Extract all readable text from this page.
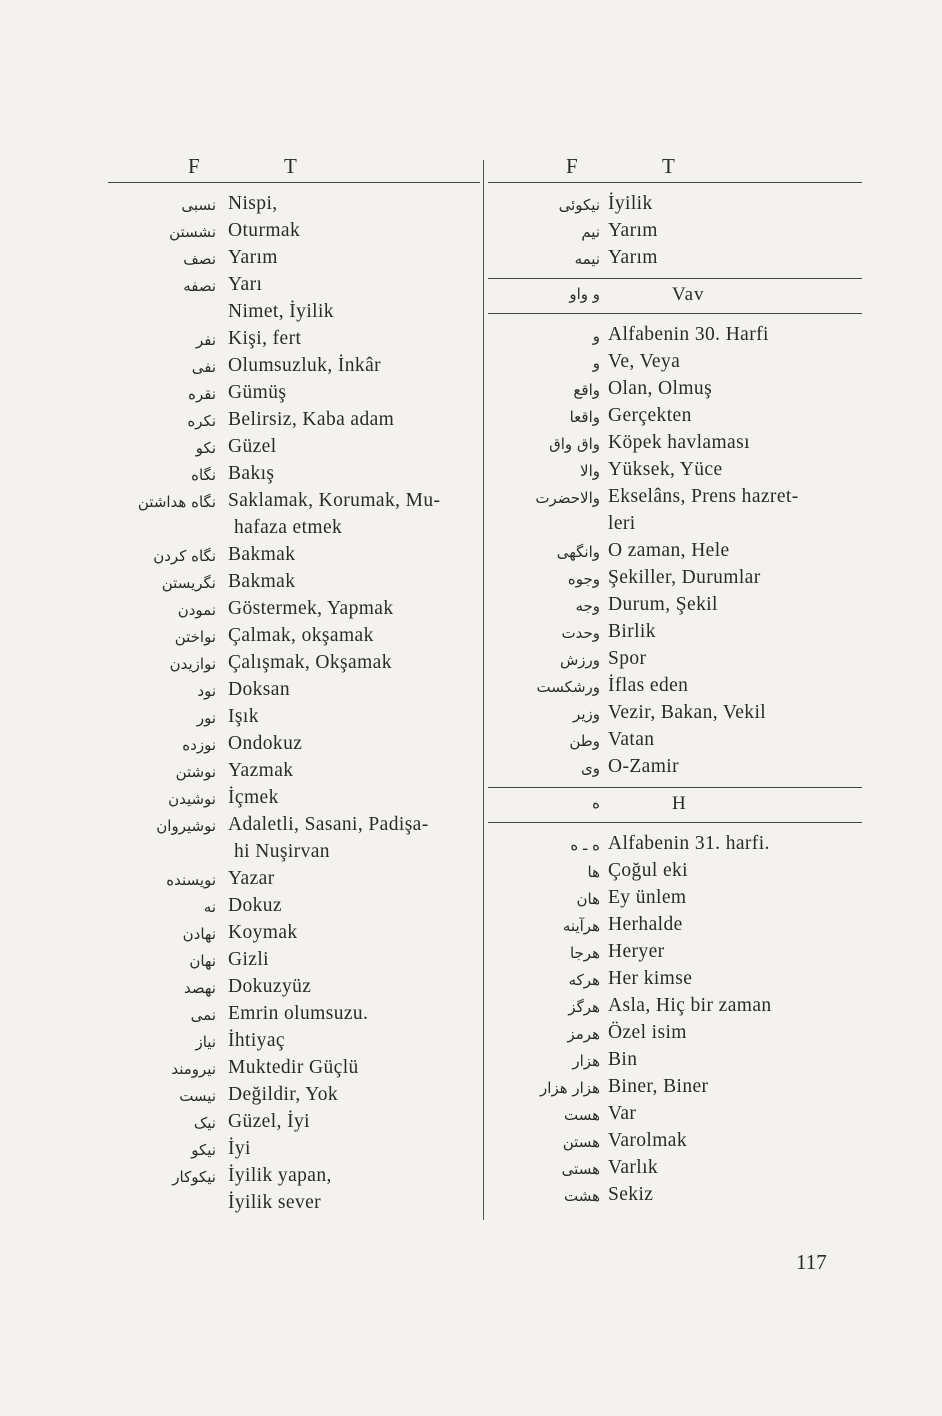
F	T
نسبی Nispi,
نشستن Oturmak
نصف Yarım
نصفه Yarı
Nimet, İyilik
نفر Kişi, fert
نفی Olumsuzluk, İnkâr
نقره Gümüş
نکره Belirsiz, Kaba adam
نکو Güzel
نگاه Bakış
نگاه هداشتن Saklamak, Korumak, Mu-
hafaza etmek
نگاه کردن Bakmak
نگریستن Bakmak
نمودن Göstermek, Yapmak
نواختن Çalmak, okşamak
نوازیدن Çalışmak, Okşamak
نود Doksan
نور Işık
نوزده Ondokuz
نوشتن Yazmak
نوشیدن İçmek
نوشیروان Adaletli, Sasani, Padişa-
hi Nuşirvan
نویسنده Yazar
نه Dokuz
نهادن Koymak
نهان Gizli
نهصد Dokuzyüz
نمی Emrin olumsuzu.
نیاز İhtiyaç
نیرومند Muktedir Güçlü
نیست Değildir, Yok
نیک Güzel, İyi
نیکو İyi
نیکوکار İyilik yapan,
İyilik sever
F	T
نیکوئی İyilik
نیم Yarım
نیمه Yarım
و واو	Vav
و Alfabenin 30. Harfi
و Ve, Veya
واقع Olan, Olmuş
واقعا Gerçekten
واق واق Köpek havlaması
والا Yüksek, Yüce
والاحضرت Ekselâns, Prens hazret-
leri
وانگهی O zaman, Hele
وجوه Şekiller, Durumlar
وجه Durum, Şekil
وحدت Birlik
ورزش Spor
ورشکست İflas eden
وزیر Vezir, Bakan, Vekil
وطن Vatan
وی O-Zamir
ه	H
ه ـ ه Alfabenin 31. harfi.
ها Çoğul eki
هان Ey ünlem
هرآینه Herhalde
هرجا Heryer
هرکه Her kimse
هرگز Asla, Hiç bir zaman
هرمز Özel isim
هزار Bin
هزار هزار Biner, Biner
هست Var
هستن Varolmak
هستی Varlık
هشت Sekiz
117
